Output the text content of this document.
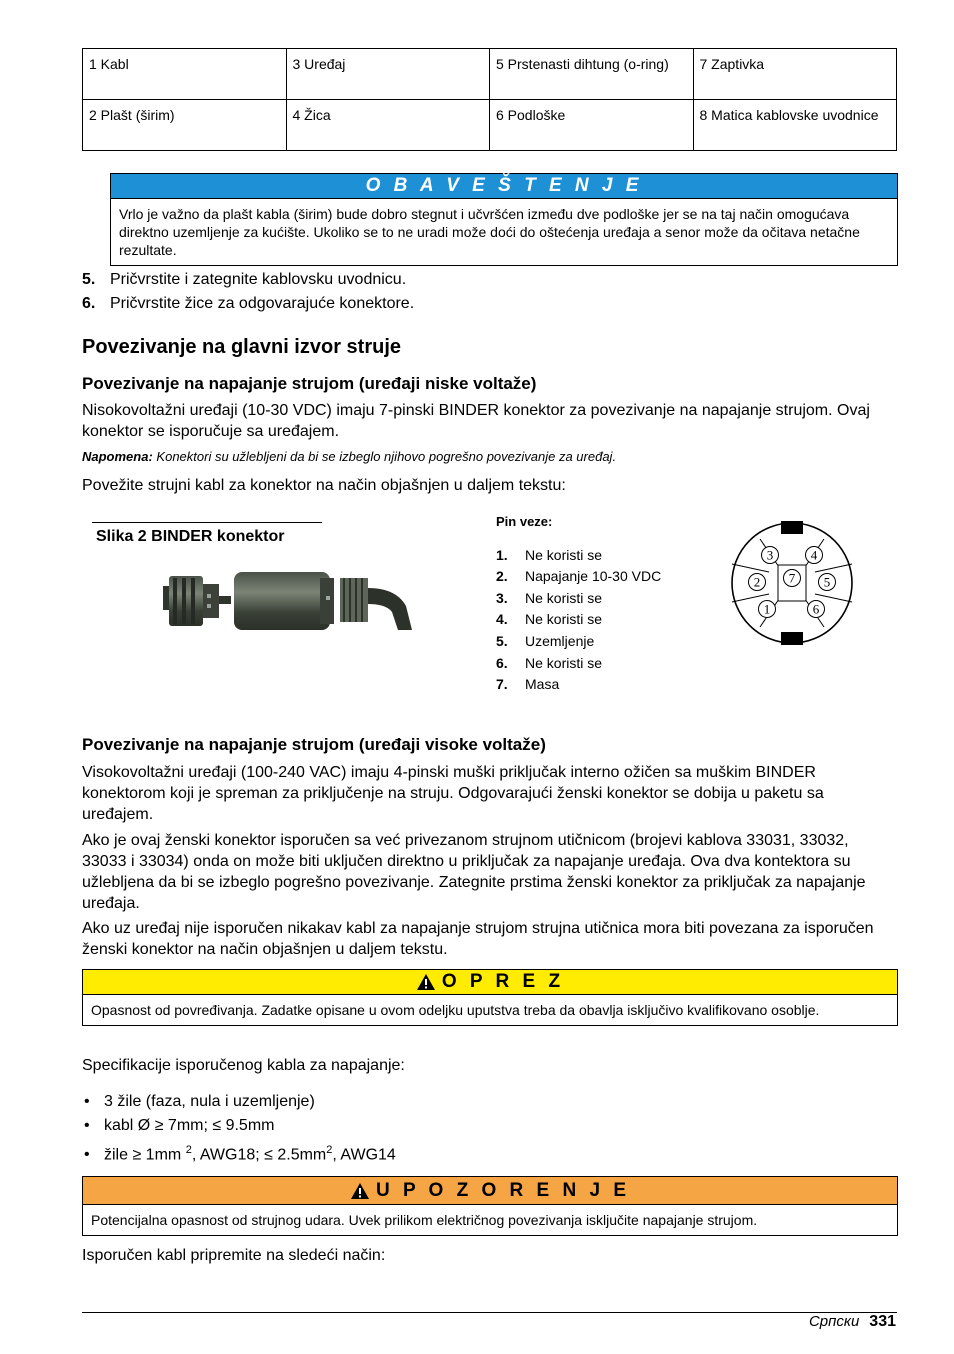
1 Kabl	3 Uređaj	5 Prstenasti dihtung (o-ring)	7 Zaptivka
2 Plašt (širim)	4 Žica	6 Podloške	8 Matica kablovske uvodnice
O B A V E Š T E N J E
Vrlo je važno da plašt kabla (širim) bude dobro stegnut i učvršćen između dve podloške jer se na taj način omogućava direktno uzemljenje za kućište. Ukoliko se to ne uradi može doći do oštećenja uređaja a senor može da očitava netačne rezultate.
5. Pričvrstite i zategnite kablovsku uvodnicu.
6. Pričvrstite žice za odgovarajuće konektore.
Povezivanje na glavni izvor struje
Povezivanje na napajanje strujom (uređaji niske voltaže)

Nisokovoltažni uređaji (10-30 VDC) imaju 7-pinski BINDER konektor za povezivanje na napajanje strujom. Ovaj konektor se isporučuje sa uređajem.

Napomena: Konektori su užlebljeni da bi se izbeglo njihovo pogrešno povezivanje za uređaj.

Povežite strujni kabl za konektor na način objašnjen u daljem tekstu:

Slika 2 BINDER konektor
Pin veze:
1. Ne koristi se
2. Napajanje 10-30 VDC
3. Ne koristi se
4. Ne koristi se
5. Uzemljenje
6. Ne koristi se
7. Masa
3	4
2 7 5
1	6
Povezivanje na napajanje strujom (uređaji visoke voltaže)

Visokovoltažni uređaji (100-240 VAC) imaju 4-pinski muški priključak interno ožičen sa muškim BINDER konektorom koji je spreman za priključenje na struju. Odgovarajući ženski konektor se dobija u paketu sa uređajem.

Ako je ovaj ženski konektor isporučen sa već privezanom strujnom utičnicom (brojevi kablova 33031, 33032, 33033 i 33034) onda on može biti uključen direktno u priključak za napajanje uređaja. Ova dva kontektora su užlebljena da bi se izbeglo pogrešno povezivanje. Zategnite prstima ženski konektor za priključak za napajanje uređaja.

Ako uz uređaj nije isporučen nikakav kabl za napajanje strujom strujna utičnica mora biti povezana za isporučen ženski konektor na način objašnjen u daljem tekstu.

O P R E Z
Opasnost od povređivanja. Zadatke opisane u ovom odeljku uputstva treba da obavlja isključivo kvalifikovano osoblje.

Specifikacije isporučenog kabla za napajanje:

• 3 žile (faza, nula i uzemljenje)
• kabl Ø ≥ 7mm; ≤ 9.5mm
• žile ≥ 1mm $^2$, AWG18; ≤ $2.5mm^2$, AWG14
U P O Z O R E N J E
Potencijalna opasnost od strujnog udara. Uvek prilikom električnog povezivanja isključite napajanje strujom.

Isporučen kabl pripremite na sledeći način:

Српски 331
